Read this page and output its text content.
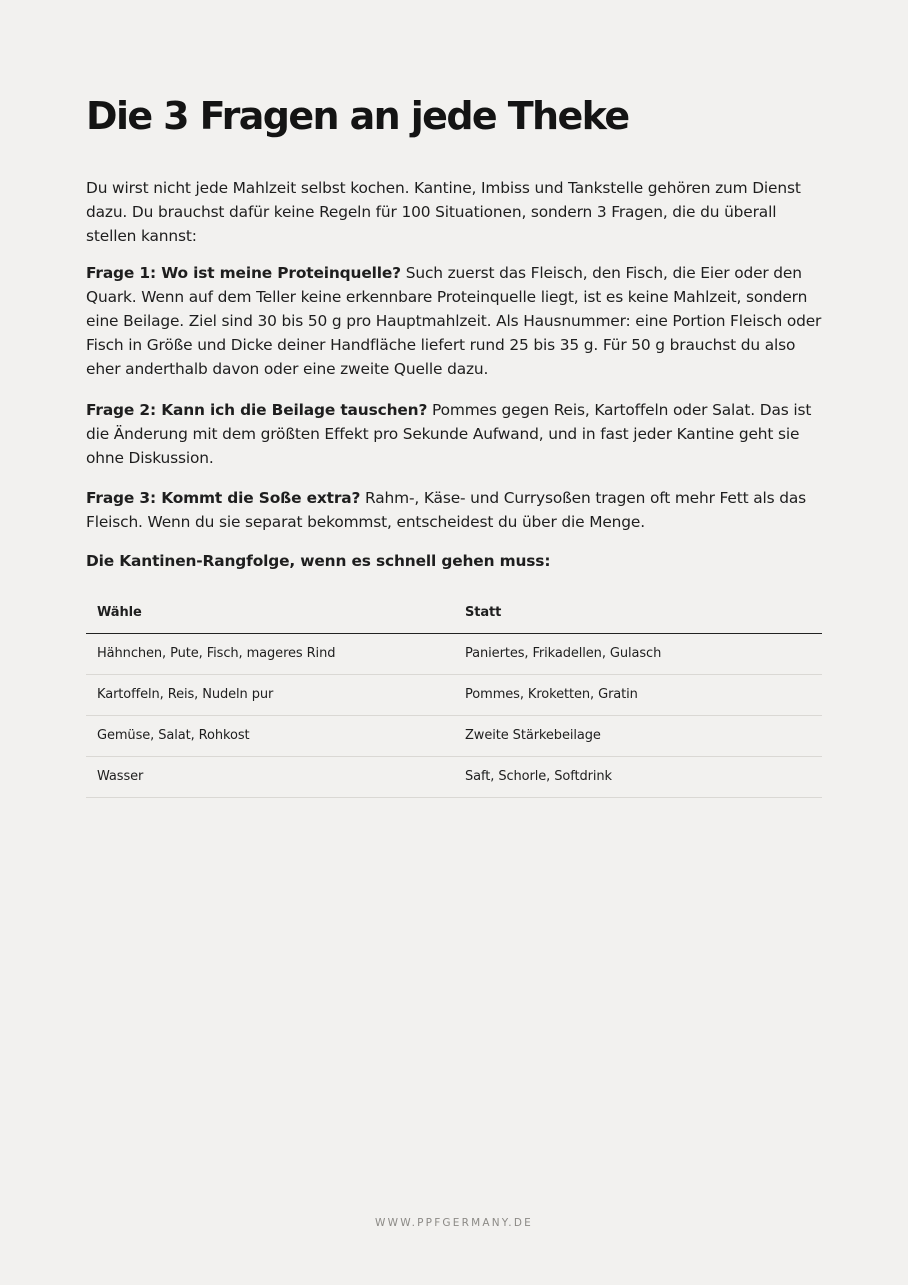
Die 3 Fragen an jede Theke

Du wirst nicht jede Mahlzeit selbst kochen. Kantine, Imbiss und Tankstelle gehören zum Dienst dazu. Du brauchst dafür keine Regeln für 100 Situationen, sondern 3 Fragen, die du überall stellen kannst:

Frage 1: Wo ist meine Proteinquelle? Such zuerst das Fleisch, den Fisch, die Eier oder den Quark. Wenn auf dem Teller keine erkennbare Proteinquelle liegt, ist es keine Mahlzeit, sondern eine Beilage. Ziel sind 30 bis 50 g pro Hauptmahlzeit. Als Hausnummer: eine Portion Fleisch oder Fisch in Größe und Dicke deiner Handfläche liefert rund 25 bis 35 g. Für 50 g brauchst du also eher anderthalb davon oder eine zweite Quelle dazu.

Frage 2: Kann ich die Beilage tauschen? Pommes gegen Reis, Kartoffeln oder Salat. Das ist die Änderung mit dem größten Effekt pro Sekunde Aufwand, und in fast jeder Kantine geht sie ohne Diskussion.

Frage 3: Kommt die Soße extra? Rahm-, Käse- und Currysoßen tragen oft mehr Fett als das Fleisch. Wenn du sie separat bekommst, entscheidest du über die Menge.

Die Kantinen-Rangfolge, wenn es schnell gehen muss:

Wähle	Statt
Hähnchen, Pute, Fisch, mageres Rind	Paniertes, Frikadellen, Gulasch
Kartoffeln, Reis, Nudeln pur	Pommes, Kroketten, Gratin
Gemüse, Salat, Rohkost	Zweite Stärkebeilage
Wasser	Saft, Schorle, Softdrink
WWW.PPFGERMANY.DE
